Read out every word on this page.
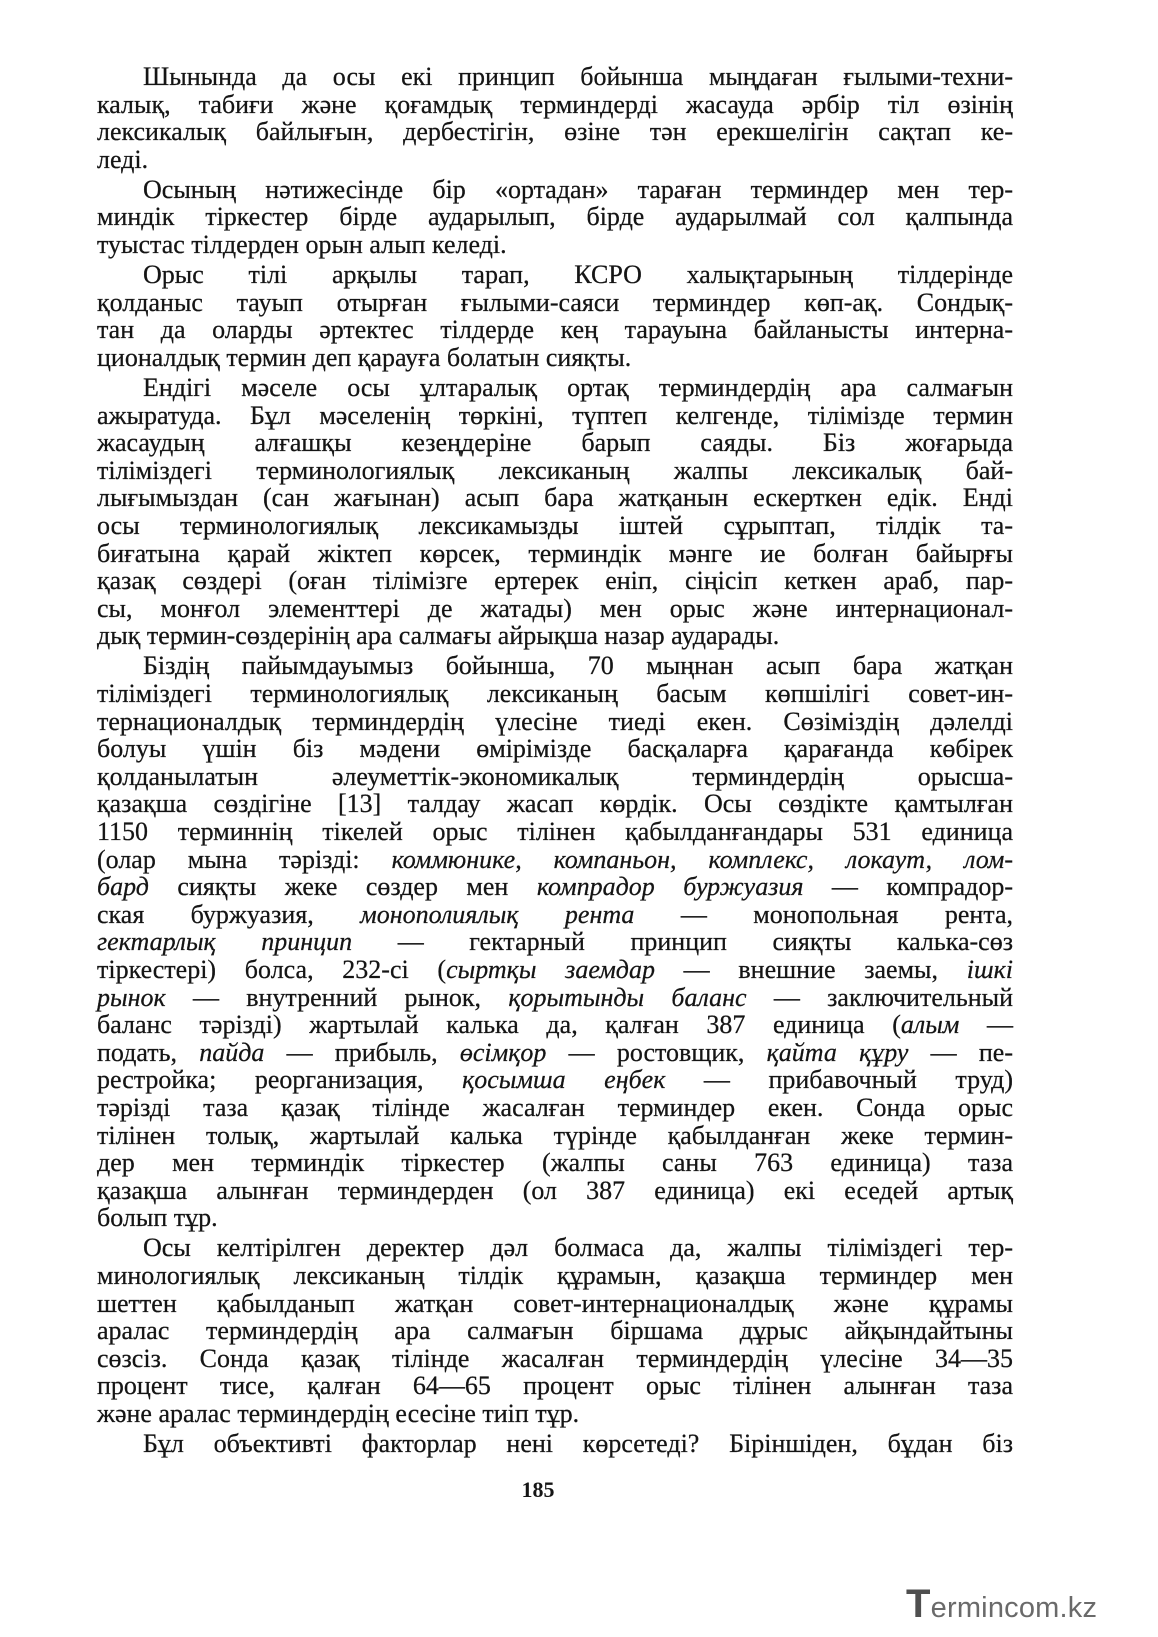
Шынында да осы екі принцип бойынша мыңдаған ғылыми-техни-
калық, табиғи және қоғамдық терминдерді жасауда әрбір тіл өзінің
лексикалық байлығын, дербестігін, өзіне тән ерекшелігін сақтап ке-
леді.
Осының нәтижесінде бір «ортадан» тараған терминдер мен тер-
миндік тіркестер бірде аударылып, бірде аударылмай сол қалпында
туыстас тілдерден орын алып келеді.
Орыс тілі арқылы тарап, КСРО халықтарының тілдерінде
қолданыс тауып отырған ғылыми-саяси терминдер көп-ақ. Сондық-
тан да оларды әртектес тілдерде кең тарауына байланысты интерна-
ционалдық термин деп қарауға болатын сияқты.
Ендігі мәселе осы ұлтаралық ортақ терминдердің ара салмағын
ажыратуда. Бұл мәселенің төркіні, түптеп келгенде, тілімізде термин
жасаудың алғашқы кезеңдеріне барып саяды. Біз жоғарыда
тіліміздегі терминологиялық лексиканың жалпы лексикалық бай-
лығымыздан (сан жағынан) асып бара жатқанын ескерткен едік. Енді
осы терминологиялық лексикамызды іштей сұрыптап, тілдік та-
биғатына қарай жіктеп көрсек, терминдік мәнге ие болған байырғы
қазақ сөздері (оған тілімізге ертерек еніп, сіңісіп кеткен араб, пар-
сы, монғол элементтері де жатады) мен орыс және интернационал-
дық термин-сөздерінің ара салмағы айрықша назар аударады.
Біздің пайымдауымыз бойынша, 70 мыңнан асып бара жатқан
тіліміздегі терминологиялық лексиканың басым көпшілігі совет-ин-
тернационалдық терминдердің үлесіне тиеді екен. Сөзіміздің дәлелді
болуы үшін біз мәдени өмірімізде басқаларға қарағанда көбірек
қолданылатын әлеуметтік-экономикалық терминдердің орысша-
қазақша сөздігіне [13] талдау жасап көрдік. Осы сөздікте қамтылған
1150 терминнің тікелей орыс тілінен қабылданғандары 531 единица
(олар мына тәрізді: коммюнике, компаньон, комплекс, локаут, лом-
бард сияқты жеке сөздер мен компрадор буржуазия — компрадор-
ская буржуазия, монополиялық рента — монопольная рента,
гектарлық принцип — гектарный принцип сияқты калька-сөз
тіркестері) болса, 232-сі (сыртқы заемдар — внешние заемы, ішкі
рынок — внутренний рынок, қорытынды баланс — заключительный
баланс тәрізді) жартылай калька да, қалған 387 единица (алым —
подать, пайда — прибыль, өсімқор — ростовщик, қайта құру — пе-
рестройка; реорганизация, қосымша еңбек — прибавочный труд)
тәрізді таза қазақ тілінде жасалған терминдер екен. Сонда орыс
тілінен толық, жартылай калька түрінде қабылданған жеке термин-
дер мен терминдік тіркестер (жалпы саны 763 единица) таза
қазақша алынған терминдерден (ол 387 единица) екі еседей артық
болып тұр.
Осы келтірілген деректер дәл болмаса да, жалпы тіліміздегі тер-
минологиялық лексиканың тілдік құрамын, қазақша терминдер мен
шеттен қабылданып жатқан совет-интернационалдық және құрамы
аралас терминдердің ара салмағын біршама дұрыс айқындайтыны
сөзсіз. Сонда қазақ тілінде жасалған терминдердің үлесіне 34—35
процент тисе, қалған 64—65 процент орыс тілінен алынған таза
және аралас терминдердің есесіне тиіп тұр.
Бұл объективті факторлар нені көрсетеді? Біріншіден, бұдан біз
185
Termincom.kz
